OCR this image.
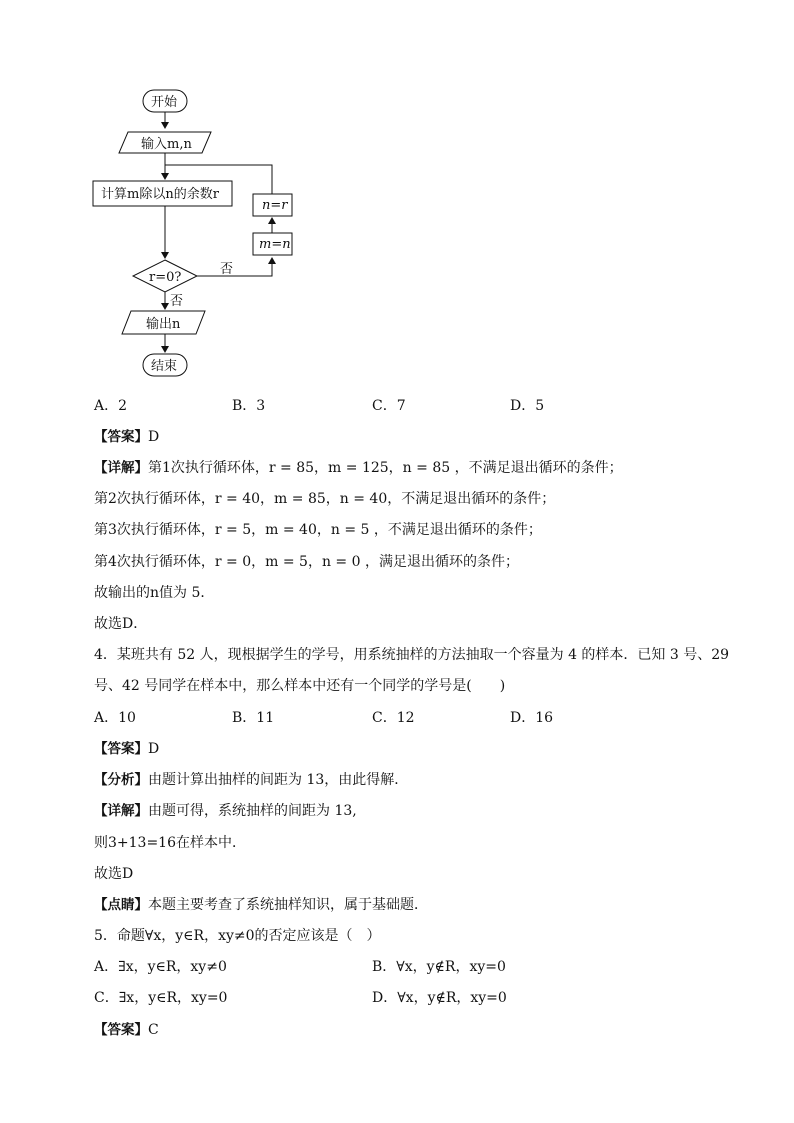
开始
输入m,n
计算m除以n的余数r
r=0?
否
否
n=r
m=n
输出n
结束
A．2	B．3	C．7	D．5
【答案】D
【详解】第1次执行循环体，r = 85，m = 125，n = 85 ，不满足退出循环的条件；
第2次执行循环体，r = 40，m = 85，n = 40，不满足退出循环的条件；
第3次执行循环体，r = 5，m = 40，n = 5 ，不满足退出循环的条件；
第4次执行循环体，r = 0，m = 5，n = 0 ，满足退出循环的条件；
故输出的n值为 5．
故选D．
4．某班共有 52 人，现根据学生的学号，用系统抽样的方法抽取一个容量为 4 的样本．已知 3 号、29
号、42 号同学在样本中，那么样本中还有一个同学的学号是(　　)
A．10	B．11	C．12	D．16
【答案】D
【分析】由题计算出抽样的间距为 13，由此得解．
【详解】由题可得，系统抽样的间距为 13,
则3+13=16在样本中．
故选D
【点睛】本题主要考查了系统抽样知识，属于基础题．
5．命题∀x，y∈R，xy≠0的否定应该是（　）
A．∃x，y∈R，xy≠0	B．∀x，y∉R，xy=0
C．∃x，y∈R，xy=0	D．∀x，y∉R，xy=0
【答案】C
